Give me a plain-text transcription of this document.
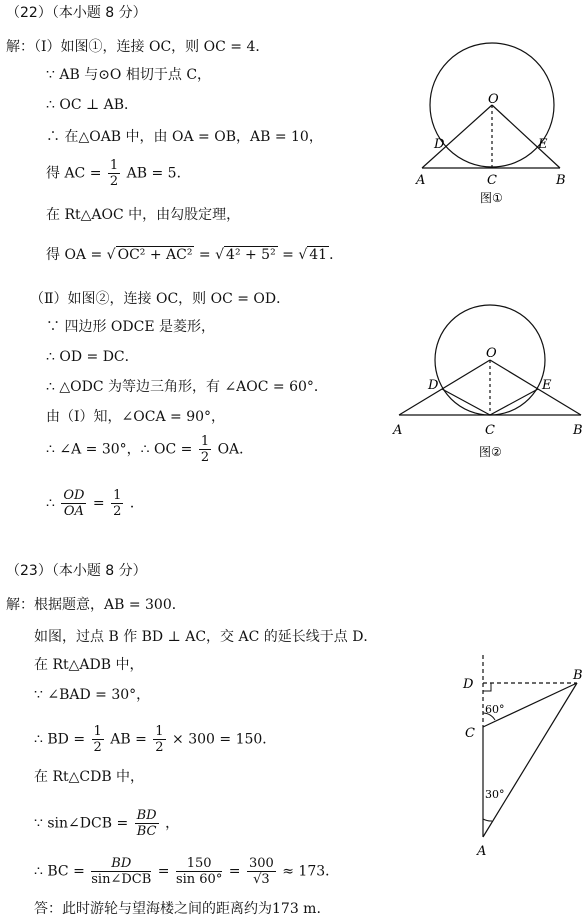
（22）（本小题 8 分）
解：（Ⅰ）如图①，连接 OC，则 OC = 4．
∵ AB 与⊙O 相切于点 C，
∴ OC ⊥ AB．
∴ 在△OAB 中，由 OA = OB，AB = 10，
得 AC = $\frac{1}{2}$ AB = 5．
在 Rt△AOC 中，由勾股定理，
得 OA = √ OC² + AC² = √ 4² + 5² = √ 41 ．
（Ⅱ）如图②，连接 OC，则 OC = OD．
∵ 四边形 ODCE 是菱形，
∴ OD = DC．
∴ △ODC 为等边三角形，有 ∠AOC = 60°．
由（Ⅰ）知，∠OCA = 90°，
∴ ∠A = 30°，∴ OC = $\frac{1}{2}$ OA．
∴ $\frac{OD}{OA} = \frac{1}{2}$ ．
O
D	E
A	C	B
图①
O
D	E
A	C	B
图②
（23）（本小题 8 分）
解：根据题意，AB = 300．
如图，过点 B 作 BD ⊥ AC，交 AC 的延长线于点 D．
在 Rt△ADB 中，
∵ ∠BAD = 30°，
∴ BD = $\frac{1}{2}$ AB = $\frac{1}{2} \times 300 = 150$．
在 Rt△CDB 中，
∵ sin∠DCB = $\frac{BD}{BC}$ ，
∴ BC = $\frac{BD}{\text{sin∠DCB}} = \frac{150}{\sin 60^\circ} = \frac{300}{√3} \approx 173$．
答：此时游轮与望海楼之间的距离约为173 m.
D
B
C
A
60°
30°
